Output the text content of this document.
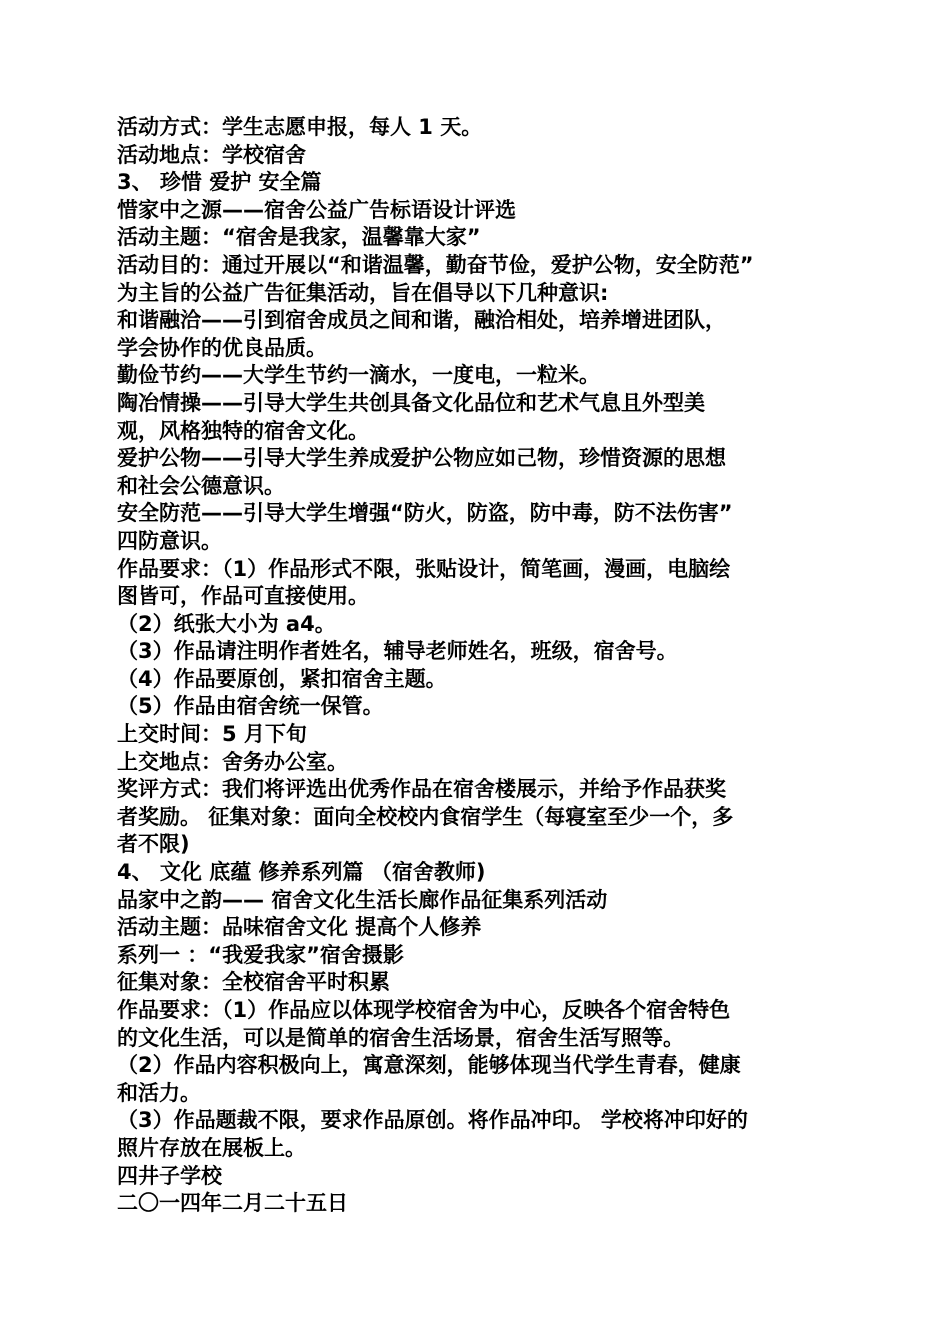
活动方式：学生志愿申报，每人 1 天。
活动地点：学校宿舍
3、 珍惜 爱护 安全篇
惜家中之源——宿舍公益广告标语设计评选
活动主题：“宿舍是我家，温馨靠大家”
活动目的：通过开展以“和谐温馨，勤奋节俭，爱护公物，安全防范”
为主旨的公益广告征集活动，旨在倡导以下几种意识:
和谐融洽——引到宿舍成员之间和谐，融洽相处，培养增进团队，
学会协作的优良品质。
勤俭节约——大学生节约一滴水，一度电，一粒米。
陶冶情操——引导大学生共创具备文化品位和艺术气息且外型美
观，风格独特的宿舍文化。
爱护公物——引导大学生养成爱护公物应如己物，珍惜资源的思想
和社会公德意识。
安全防范——引导大学生增强“防火，防盗，防中毒，防不法伤害”
四防意识。
作品要求：（1）作品形式不限，张贴设计，简笔画，漫画，电脑绘
图皆可，作品可直接使用。
（2）纸张大小为 a4。
（3）作品请注明作者姓名，辅导老师姓名，班级，宿舍号。
（4）作品要原创，紧扣宿舍主题。
（5）作品由宿舍统一保管。
上交时间：5 月下旬
上交地点：舍务办公室。
奖评方式：我们将评选出优秀作品在宿舍楼展示，并给予作品获奖
者奖励。 征集对象：面向全校校内食宿学生（每寝室至少一个，多
者不限)
4、 文化 底蕴 修养系列篇 （宿舍教师)
品家中之韵—— 宿舍文化生活长廊作品征集系列活动
活动主题：品味宿舍文化 提高个人修养
系列一 ：“我爱我家”宿舍摄影
征集对象：全校宿舍平时积累
作品要求：（1）作品应以体现学校宿舍为中心，反映各个宿舍特色
的文化生活，可以是简单的宿舍生活场景，宿舍生活写照等。
（2）作品内容积极向上，寓意深刻，能够体现当代学生青春，健康
和活力。
（3）作品题裁不限，要求作品原创。将作品冲印。 学校将冲印好的
照片存放在展板上。
四井子学校
二〇一四年二月二十五日
